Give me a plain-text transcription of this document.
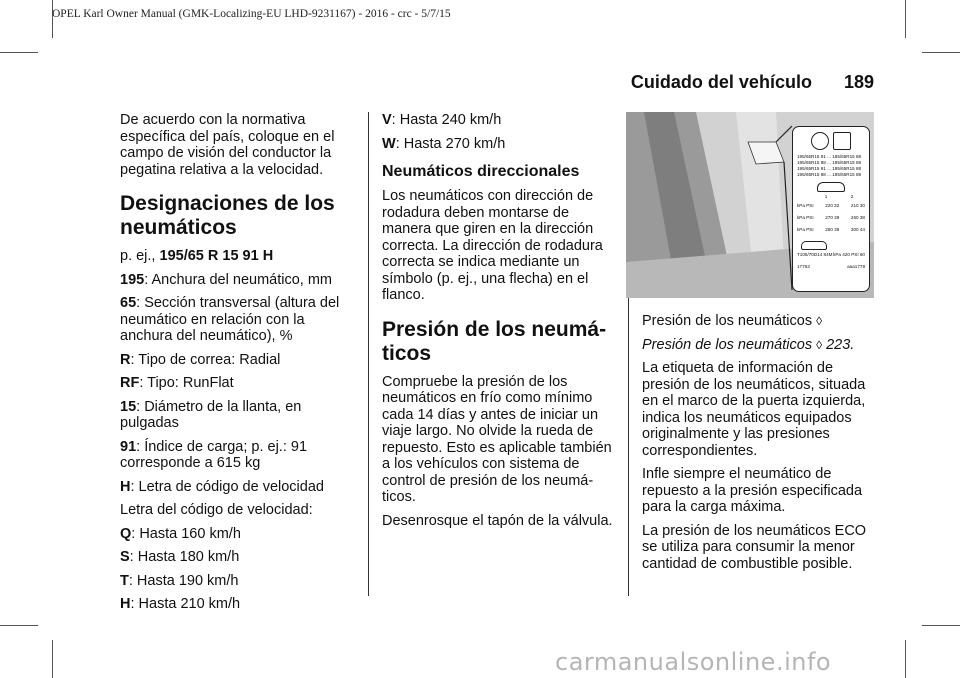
OPEL Karl Owner Manual (GMK-Localizing-EU LHD-9231167) - 2016 - crc - 5/7/15
Cuidado del vehículo 189

De acuerdo con la normativa específica del país, coloque en el campo de visión del conductor la pegatina relativa a la velocidad.

Designaciones de los neumáticos

p. ej., 195/65 R 15 91 H

195: Anchura del neumático, mm

65: Sección transversal (altura del neumático en relación con la anchura del neumático), %

R: Tipo de correa: Radial

RF: Tipo: RunFlat

15: Diámetro de la llanta, en pulgadas

91: Índice de carga; p. ej.: 91 corresponde a 615 kg

H: Letra de código de velocidad

Letra del código de velocidad:

Q: Hasta 160 km/h

S: Hasta 180 km/h

T: Hasta 190 km/h

H: Hasta 210 km/h

V: Hasta 240 km/h

W: Hasta 270 km/h

Neumáticos direccionales

Los neumáticos con dirección de rodadura deben montarse de manera que giren en la dirección correcta. La dirección de rodadura correcta se indica mediante un símbolo (p. ej., una flecha) en el flanco.

Presión de los neumá-ticos

Compruebe la presión de los neumáticos en frío como mínimo cada 14 días y antes de iniciar un viaje largo. No olvide la rueda de repuesto. Esto es aplicable también a los vehículos con sistema de control de presión de los neumá-ticos.

Desenrosque el tapón de la válvula.

195/65R15 91 ... 185/65R15 88
195/65R15 88 ... 195/65R15 88
195/65R15 91 ... 195/65R15 88
195/65R15 88 ... 195/65R15 88
1	2
kPa PSI	220 32	210 30
kPa PSI	270 39	260 38
kPa PSI	260 38	300 44
T105/70D14 84M kPa 420 PSI 60
17763	aaa1779

Presión de los neumáticos ◊

Presión de los neumáticos ◊ 223.

La etiqueta de información de presión de los neumáticos, situada en el marco de la puerta izquierda, indica los neumáticos equipados originalmente y las presiones correspondientes.

Infle siempre el neumático de repuesto a la presión especificada para la carga máxima.

La presión de los neumáticos ECO se utiliza para consumir la menor cantidad de combustible posible.

carmanualsonline.info
